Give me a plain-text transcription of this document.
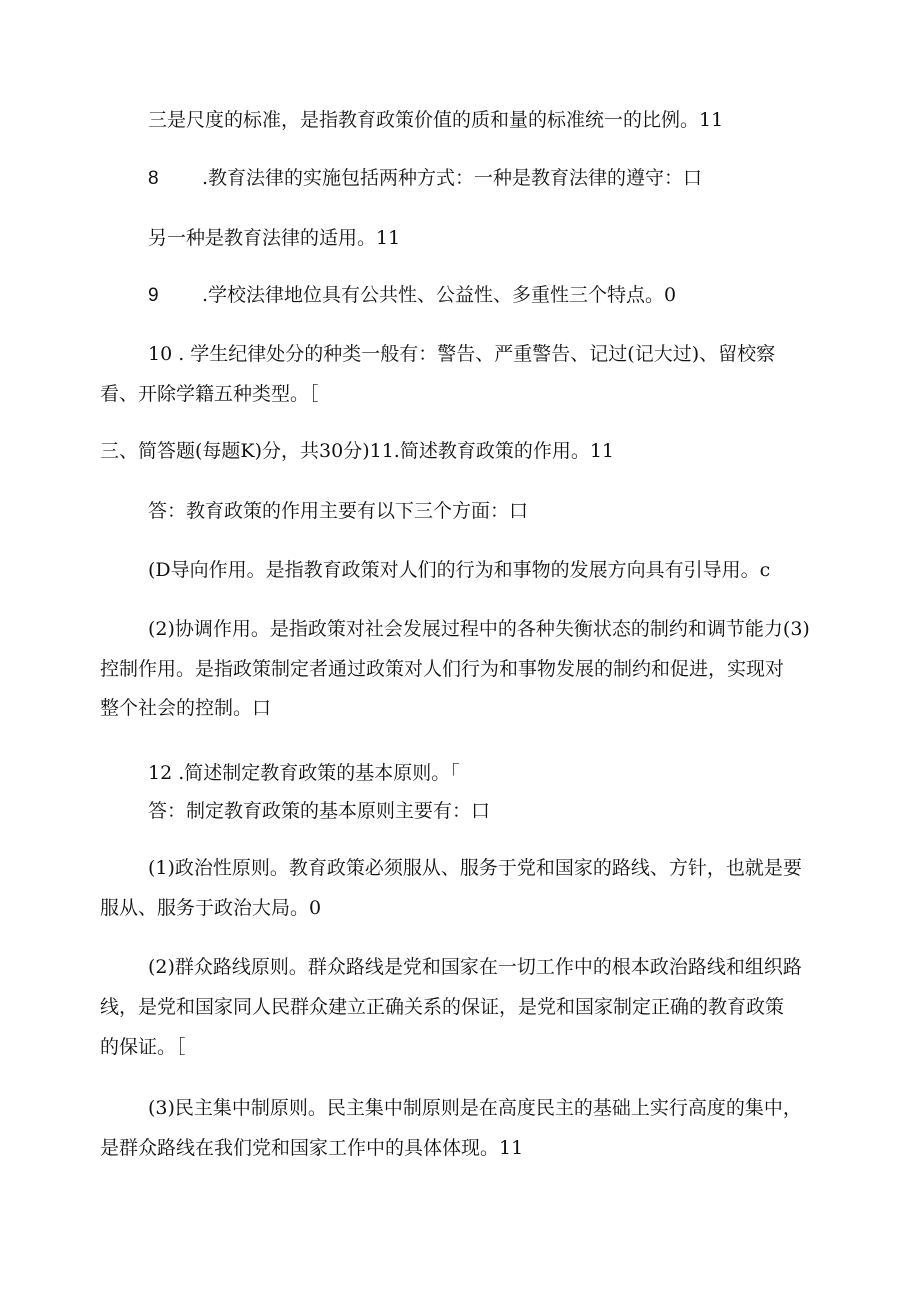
三是尺度的标准，是指教育政策价值的质和量的标准统一的比例。11
8 .教育法律的实施包括两种方式：一种是教育法律的遵守：口
另一种是教育法律的适用。11
9 .学校法律地位具有公共性、公益性、多重性三个特点。0
10 . 学生纪律处分的种类一般有：警告、严重警告、记过(记大过)、留校察
看、开除学籍五种类型。［
三、简答题(每题K)分，共30分)11.简述教育政策的作用。11
答：教育政策的作用主要有以下三个方面：口
(D导向作用。是指教育政策对人们的行为和事物的发展方向具有引导用。c
(2)协调作用。是指政策对社会发展过程中的各种失衡状态的制约和调节能力(3)
控制作用。是指政策制定者通过政策对人们行为和事物发展的制约和促进，实现对
整个社会的控制。口
12 .简述制定教育政策的基本原则。「
答：制定教育政策的基本原则主要有：口
(1)政治性原则。教育政策必须服从、服务于党和国家的路线、方针，也就是要
服从、服务于政治大局。0
(2)群众路线原则。群众路线是党和国家在一切工作中的根本政治路线和组织路
线，是党和国家同人民群众建立正确关系的保证，是党和国家制定正确的教育政策
的保证。［
(3)民主集中制原则。民主集中制原则是在高度民主的基础上实行高度的集中，
是群众路线在我们党和国家工作中的具体体现。11
